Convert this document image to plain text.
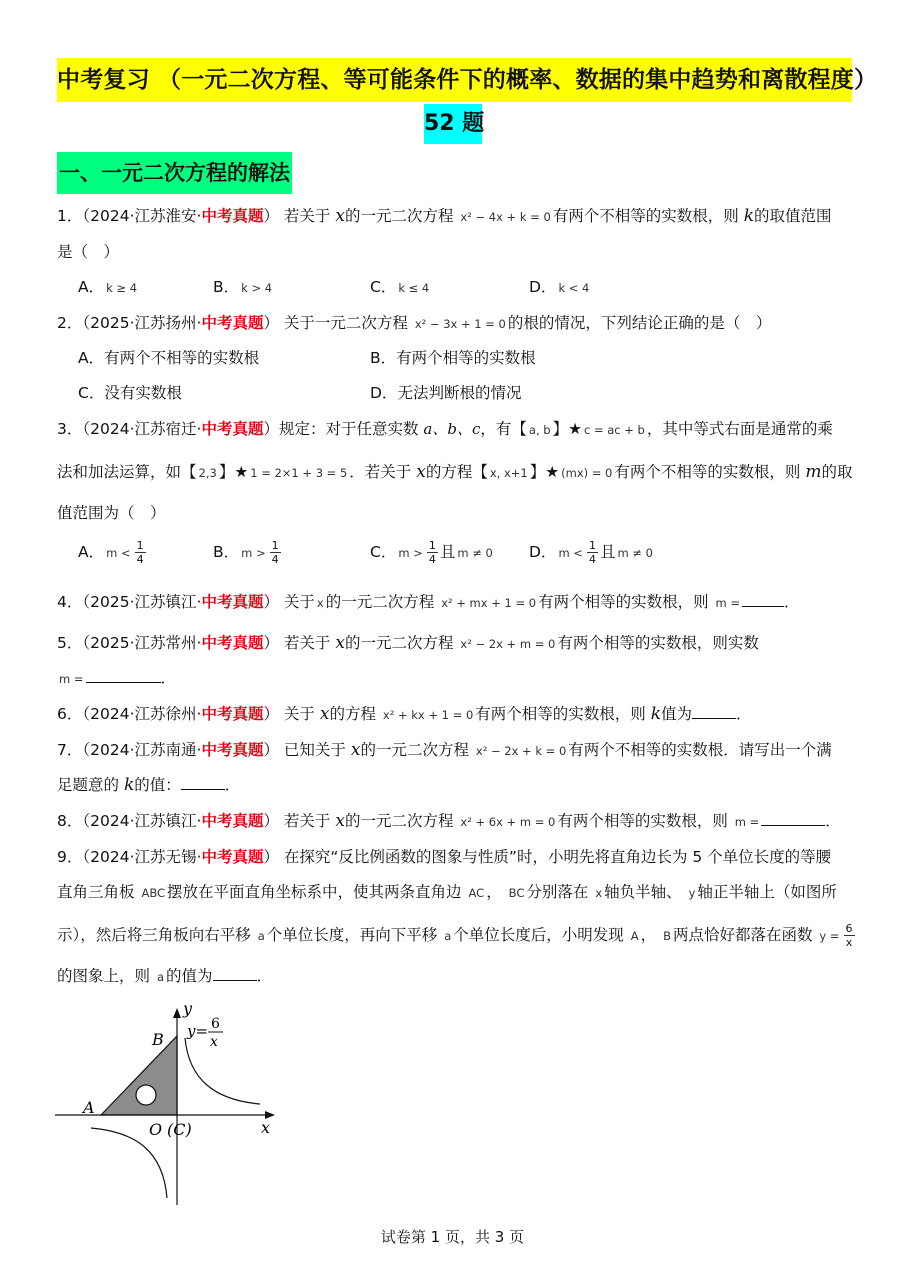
中考复习 （一元二次方程、等可能条件下的概率、数据的集中趋势和离散程度）
52 题
一、一元二次方程的解法
1．（2024·江苏淮安·中考真题） 若关于 x的一元二次方程 x² − 4x + k = 0 有两个不相等的实数根，则 k的取值范围
是（　）
A． k ≥ 4	B． k > 4	C． k ≤ 4	D． k < 4
2．（2025·江苏扬州·中考真题） 关于一元二次方程 x² − 3x + 1 = 0 的根的情况，下列结论正确的是（　）
A．有两个不相等的实数根	B．有两个相等的实数根
C．没有实数根	D．无法判断根的情况
3．（2024·江苏宿迁·中考真题）规定：对于任意实数 a、b、c，有【 a, b 】★ c = ac + b ，其中等式右面是通常的乘
法和加法运算，如【 2,3 】★ 1 = 2×1 + 3 = 5 ．若关于 x的方程【 x, x+1 】★ (mx) = 0 有两个不相等的实数根，则 m的取
值范围为（　）
A． $m < \frac{1}{4}$	B． $m > \frac{1}{4}$	C． $m > \frac{1}{4}$ 且 m ≠ 0 D． $m < \frac{1}{4}$ 且 m ≠ 0
4．（2025·江苏镇江·中考真题） 关于 x 的一元二次方程 x² + mx + 1 = 0 有两个相等的实数根，则 m =	．
5．（2025·江苏常州·中考真题） 若关于 x的一元二次方程 x² − 2x + m = 0 有两个相等的实数根，则实数
m =	．
6．（2024·江苏徐州·中考真题） 关于 x的方程 x² + kx + 1 = 0 有两个相等的实数根，则 k值为	．
7．（2024·江苏南通·中考真题） 已知关于 x的一元二次方程 x² − 2x + k = 0 有两个不相等的实数根．请写出一个满
足题意的 k的值：	．
8．（2024·江苏镇江·中考真题） 若关于 x的一元二次方程 x² + 6x + m = 0 有两个相等的实数根，则 m =	．
9．（2024·江苏无锡·中考真题） 在探究“反比例函数的图象与性质”时，小明先将直角边长为 5 个单位长度的等腰
直角三角板 ABC 摆放在平面直角坐标系中，使其两条直角边 AC ， BC 分别落在 x 轴负半轴、 y 轴正半轴上（如图所
示），然后将三角板向右平移 a 个单位长度，再向下平移 a 个单位长度后，小明发现 A ， B 两点恰好都落在函数 $y = \frac{6}{x}$
的图象上，则 a 的值为	．
y
x
B
A
O (C)
y= 6
x
试卷第 1 页，共 3 页
